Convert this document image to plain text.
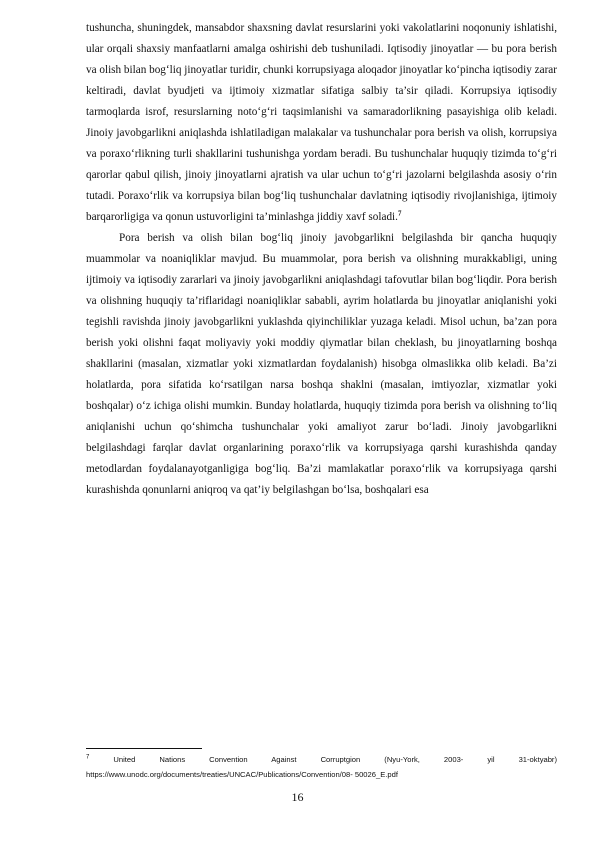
tushuncha, shuningdek, mansabdor shaxsning davlat resurslarini yoki vakolatlarini noqonuniy ishlatishi, ular orqali shaxsiy manfaatlarni amalga oshirishi deb tushuniladi. Iqtisodiy jinoyatlar — bu pora berish va olish bilan bog‘liq jinoyatlar turidir, chunki korrupsiyaga aloqador jinoyatlar ko‘pincha iqtisodiy zarar keltiradi, davlat byudjeti va ijtimoiy xizmatlar sifatiga salbiy ta’sir qiladi. Korrupsiya iqtisodiy tarmoqlarda isrof, resurslarning noto‘g‘ri taqsimlanishi va samaradorlikning pasayishiga olib keladi. Jinoiy javobgarlikni aniqlashda ishlatiladigan malakalar va tushunchalar pora berish va olish, korrupsiya va poraxo‘rlikning turli shakllarini tushunishga yordam beradi. Bu tushunchalar huquqiy tizimda to‘g‘ri qarorlar qabul qilish, jinoiy jinoyatlarni ajratish va ular uchun to‘g‘ri jazolarni belgilashda asosiy o‘rin tutadi. Poraxo‘rlik va korrupsiya bilan bog‘liq tushunchalar davlatning iqtisodiy rivojlanishiga, ijtimoiy barqarorligiga va qonun ustuvorligini ta’minlashga jiddiy xavf soladi.$^7$

Pora berish va olish bilan bog‘liq jinoiy javobgarlikni belgilashda bir qancha huquqiy muammolar va noaniqliklar mavjud. Bu muammolar, pora berish va olishning murakkabligi, uning ijtimoiy va iqtisodiy zararlari va jinoiy javobgarlikni aniqlashdagi tafovutlar bilan bog‘liqdir. Pora berish va olishning huquqiy ta’riflaridagi noaniqliklar sababli, ayrim holatlarda bu jinoyatlar aniqlanishi yoki tegishli ravishda jinoiy javobgarlikni yuklashda qiyinchiliklar yuzaga keladi. Misol uchun, ba’zan pora berish yoki olishni faqat moliyaviy yoki moddiy qiymatlar bilan cheklash, bu jinoyatlarning boshqa shakllarini (masalan, xizmatlar yoki xizmatlardan foydalanish) hisobga olmaslikka olib keladi. Ba’zi holatlarda, pora sifatida ko‘rsatilgan narsa boshqa shaklni (masalan, imtiyozlar, xizmatlar yoki boshqalar) o‘z ichiga olishi mumkin. Bunday holatlarda, huquqiy tizimda pora berish va olishning to‘liq aniqlanishi uchun qo‘shimcha tushunchalar yoki amaliyot zarur bo‘ladi. Jinoiy javobgarlikni belgilashdagi farqlar davlat organlarining poraxo‘rlik va korrupsiyaga qarshi kurashishda qanday metodlardan foydalanayotganligiga bog‘liq. Ba’zi mamlakatlar poraxo‘rlik va korrupsiyaga qarshi kurashishda qonunlarni aniqroq va qat’iy belgilashgan bo‘lsa, boshqalari esa

$^7$	United Nations Convention Against Corruptgion (Nyu-York, 2003- yil 31-oktyabr)
https://www.unodc.org/documents/treaties/UNCAC/Publications/Convention/08- 50026_E.pdf
16
